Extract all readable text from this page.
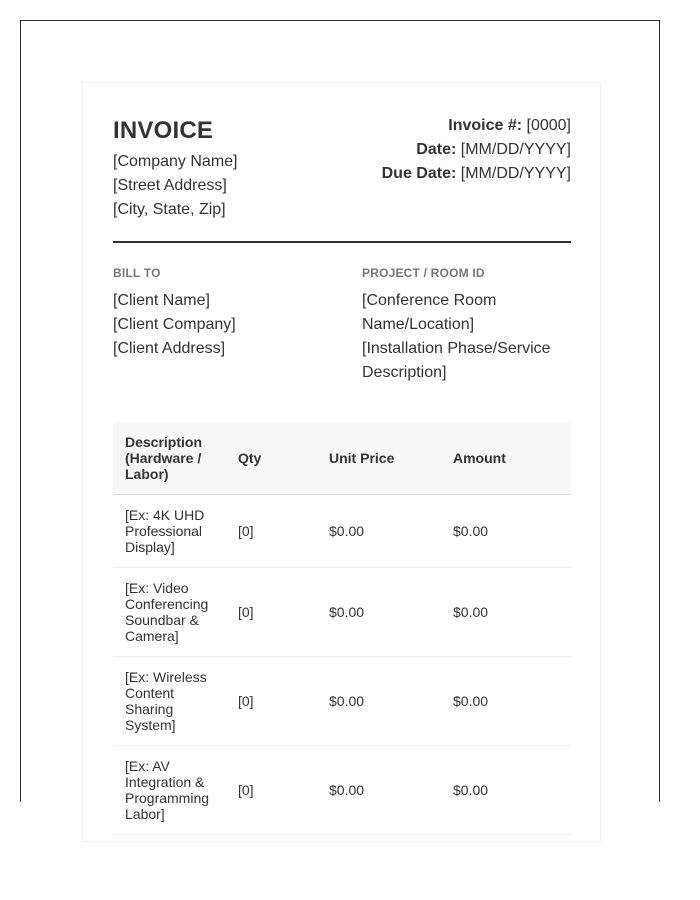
INVOICE
[Company Name]
[Street Address]
[City, State, Zip]
Invoice #: [0000]
Date: [MM/DD/YYYY]
Due Date: [MM/DD/YYYY]
BILL TO
[Client Name]
[Client Company]
[Client Address]
PROJECT / ROOM ID
[Conference Room Name/Location]
[Installation Phase/Service Description]
Description (Hardware / Labor)	Qty	Unit Price	Amount
[Ex: 4K UHD Professional Display]	[0]	$0.00	$0.00
[Ex: Video Conferencing Soundbar & Camera]	[0]	$0.00	$0.00
[Ex: Wireless Content Sharing System]	[0]	$0.00	$0.00
[Ex: AV Integration & Programming Labor]	[0]	$0.00	$0.00
